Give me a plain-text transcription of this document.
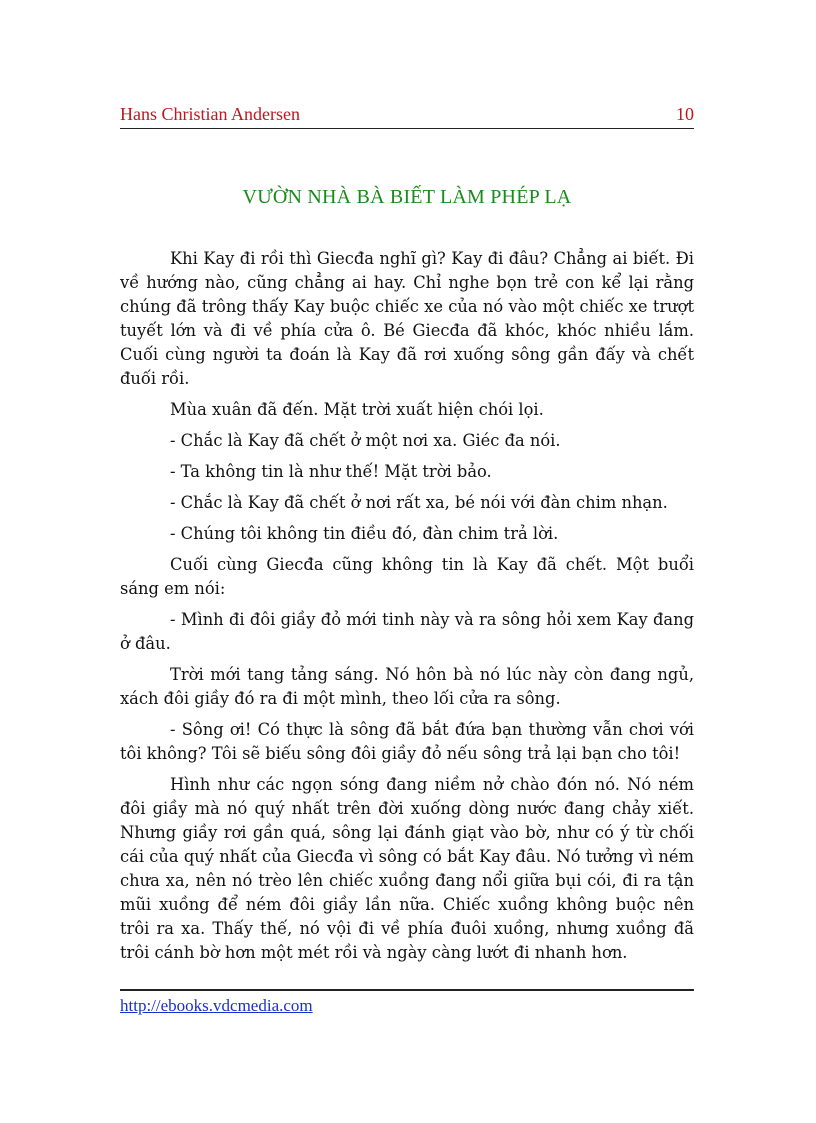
Hans Christian Andersen	10
VƯỜN NHÀ BÀ BIẾT LÀM PHÉP LẠ

Khi Kay đi rồi thì Giecđa nghĩ gì? Kay đi đâu? Chẳng ai biết. Đi về hướng nào, cũng chẳng ai hay. Chỉ nghe bọn trẻ con kể lại rằng chúng đã trông thấy Kay buộc chiếc xe của nó vào một chiếc xe trượt tuyết lớn và đi về phía cửa ô. Bé Giecđa đã khóc, khóc nhiều lắm. Cuối cùng người ta đoán là Kay đã rơi xuống sông gần đấy và chết đuối rồi.

Mùa xuân đã đến. Mặt trời xuất hiện chói lọi.

- Chắc là Kay đã chết ở một nơi xa. Giéc đa nói.

- Ta không tin là như thế! Mặt trời bảo.

- Chắc là Kay đã chết ở nơi rất xa, bé nói với đàn chim nhạn.

- Chúng tôi không tin điều đó, đàn chim trả lời.

Cuối cùng Giecđa cũng không tin là Kay đã chết. Một buổi sáng em nói:

- Mình đi đôi giầy đỏ mới tinh này và ra sông hỏi xem Kay đang ở đâu.

Trời mới tang tảng sáng. Nó hôn bà nó lúc này còn đang ngủ, xách đôi giầy đó ra đi một mình, theo lối cửa ra sông.

- Sông ơi! Có thực là sông đã bắt đứa bạn thường vẫn chơi với tôi không? Tôi sẽ biếu sông đôi giầy đỏ nếu sông trả lại bạn cho tôi!

Hình như các ngọn sóng đang niềm nở chào đón nó. Nó ném đôi giầy mà nó quý nhất trên đời xuống dòng nước đang chảy xiết. Nhưng giầy rơi gần quá, sông lại đánh giạt vào bờ, như có ý từ chối cái của quý nhất của Giecđa vì sông có bắt Kay đâu. Nó tưởng vì ném chưa xa, nên nó trèo lên chiếc xuồng đang nổi giữa bụi cói, đi ra tận mũi xuồng để ném đôi giầy lần nữa. Chiếc xuồng không buộc nên trôi ra xa. Thấy thế, nó vội đi về phía đuôi xuồng, nhưng xuồng đã trôi cánh bờ hơn một mét rồi và ngày càng lướt đi nhanh hơn.

http://ebooks.vdcmedia.com
